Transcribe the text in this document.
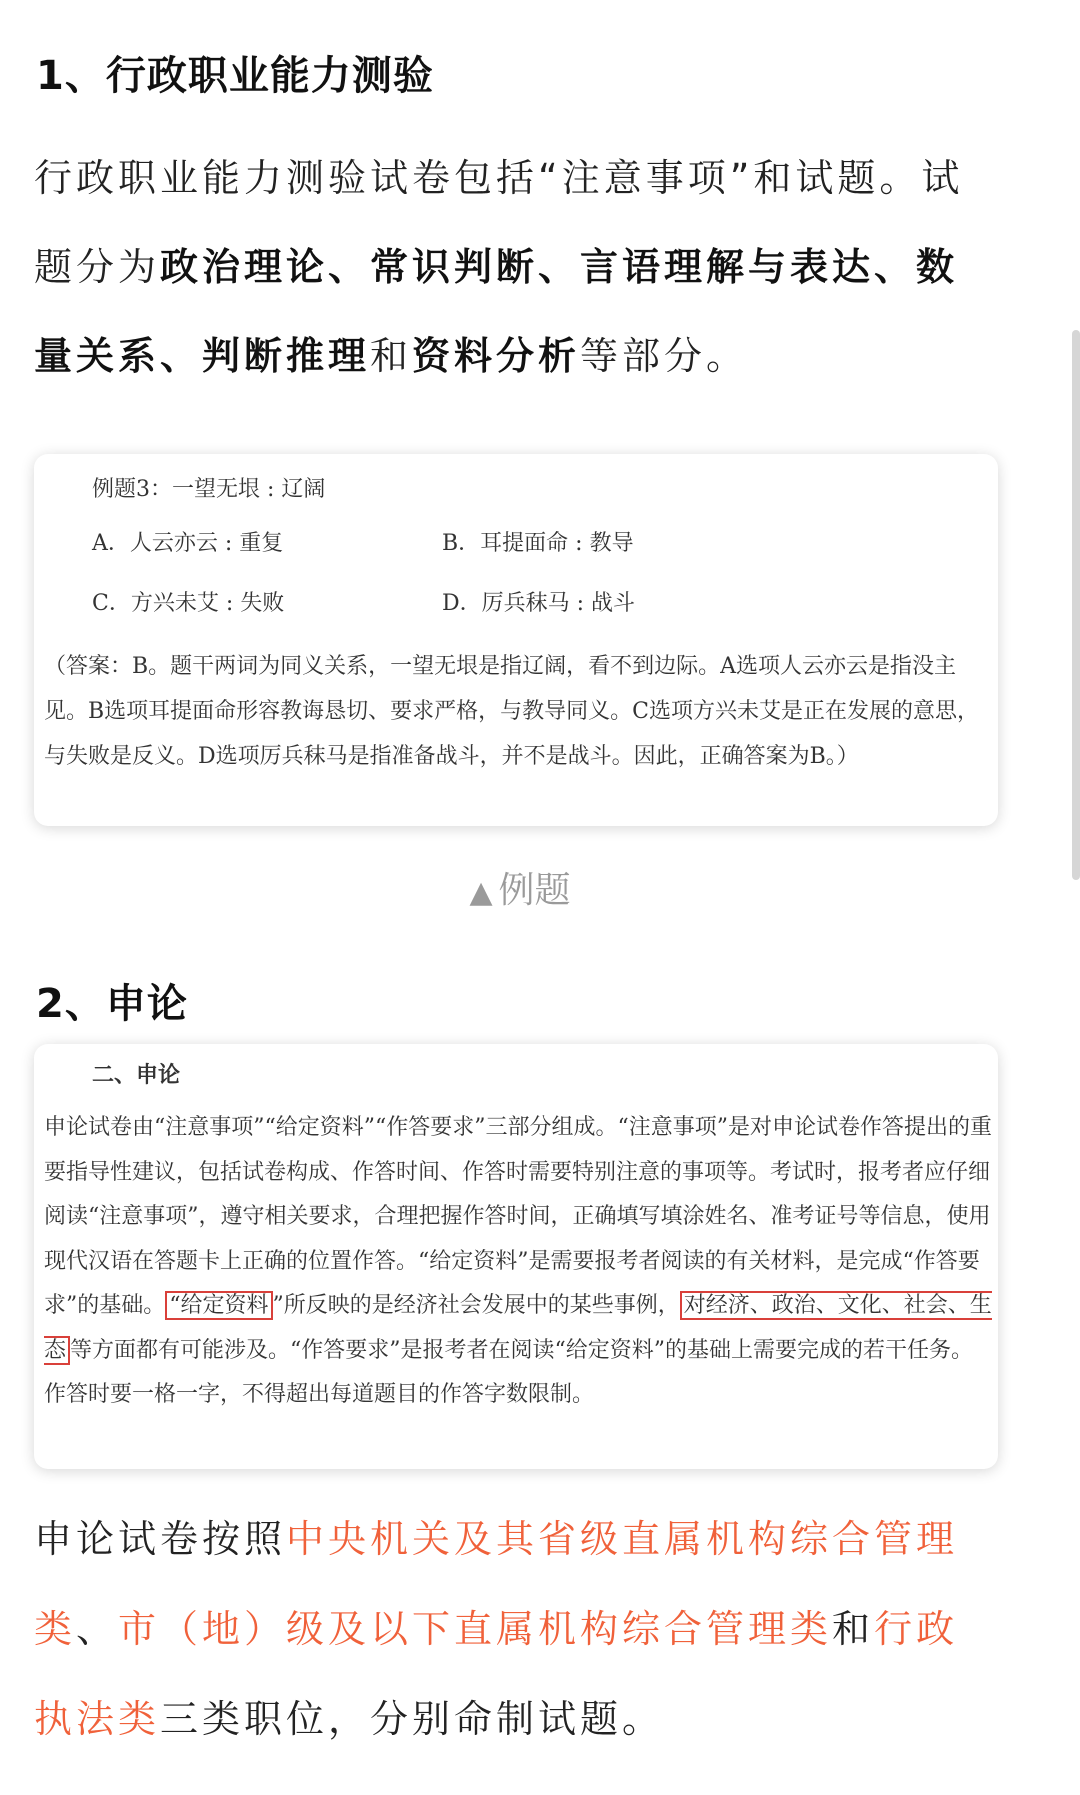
1、行政职业能力测验

行政职业能力测验试卷包括“注意事项”和试题。试题分为政治理论、常识判断、言语理解与表达、数量关系、判断推理和资料分析等部分。

例题3：一望无垠 : 辽阔

A．人云亦云 : 重复	B．耳提面命 : 教导

C．方兴未艾 : 失败	D．厉兵秣马 : 战斗

（答案：B。题干两词为同义关系，一望无垠是指辽阔，看不到边际。A选项人云亦云是指没主见。B选项耳提面命形容教诲恳切、要求严格，与教导同义。C选项方兴未艾是正在发展的意思，与失败是反义。D选项厉兵秣马是指准备战斗，并不是战斗。因此，正确答案为B。）

▲ 例题
2、申论

二、申论

申论试卷由“注意事项”“给定资料”“作答要求”三部分组成。“注意事项”是对申论试卷作答提出的重要指导性建议，包括试卷构成、作答时间、作答时需要特别注意的事项等。考试时，报考者应仔细阅读“注意事项”，遵守相关要求，合理把握作答时间，正确填写填涂姓名、准考证号等信息，使用现代汉语在答题卡上正确的位置作答。“给定资料”是需要报考者阅读的有关材料，是完成“作答要求”的基础。 “给定资料 ”所反映的是经济社会发展中的某些事例， 对经济、政治、文化、社会、生态 等方面都有可能涉及。“作答要求”是报考者在阅读“给定资料”的基础上需要完成的若干任务。作答时要一格一字，不得超出每道题目的作答字数限制。

申论试卷按照中央机关及其省级直属机构综合管理类、市（地）级及以下直属机构综合管理类和行政执法类三类职位，分别命制试题。
